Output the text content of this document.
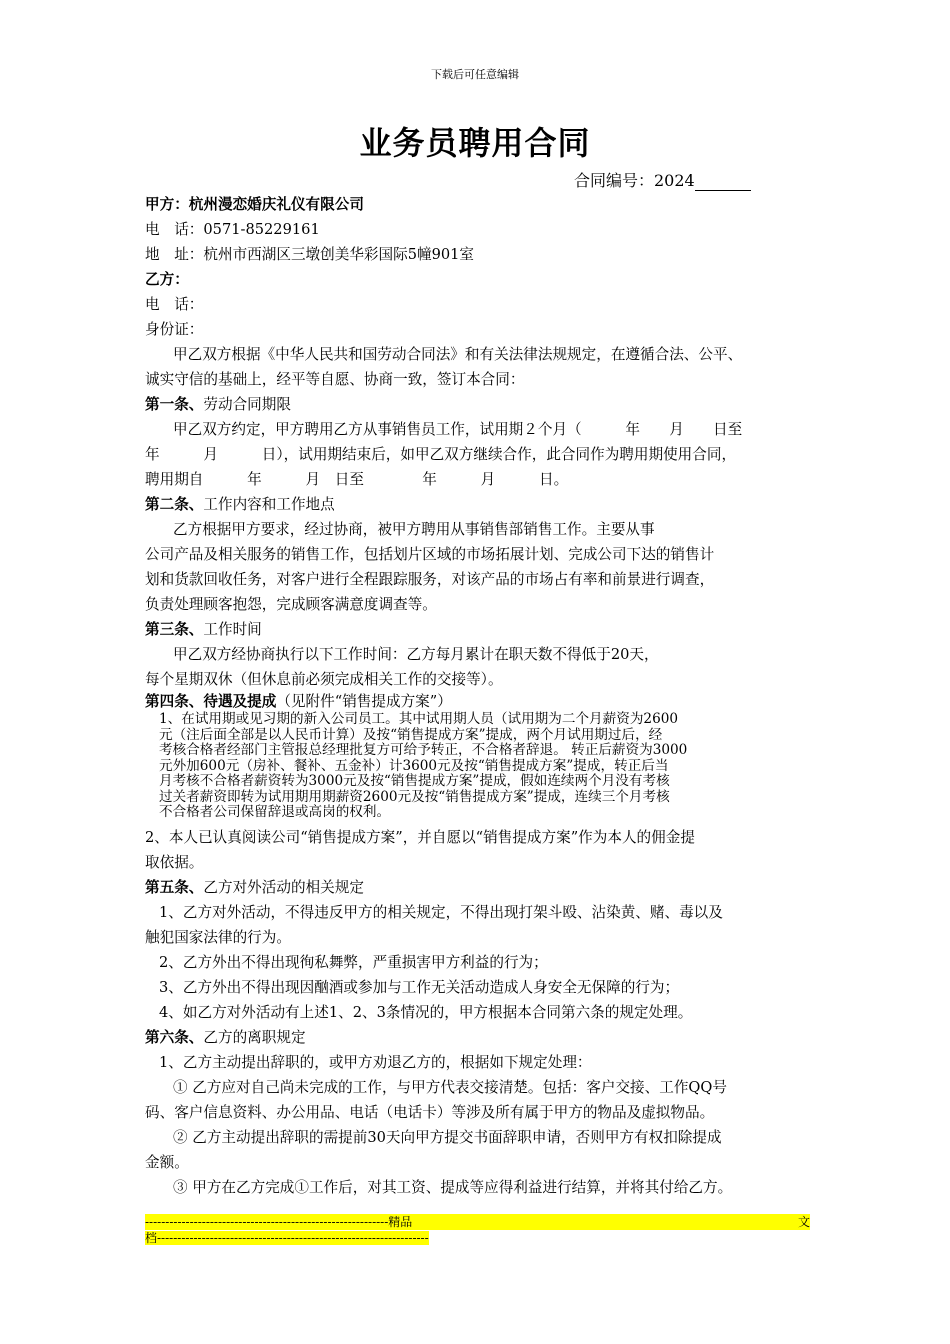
下载后可任意编辑
业务员聘用合同
合同编号：2024
甲方：杭州漫恋婚庆礼仪有限公司
电　话：0571-85229161
地　址：杭州市西湖区三墩创美华彩国际5幢901室
乙方：
电　话：
身份证：
甲乙双方根据《中华人民共和国劳动合同法》和有关法律法规规定，在遵循合法、公平、
诚实守信的基础上，经平等自愿、协商一致，签订本合同：
第一条、劳动合同期限
甲乙双方约定，甲方聘用乙方从事销售员工作，试用期２个月（　　　年　　月　　日至
年　　　月　　　日），试用期结束后，如甲乙双方继续合作，此合同作为聘用期使用合同，
聘用期自　　　年　　　月　日至　　　　年　　　月　　　日。
第二条、工作内容和工作地点
乙方根据甲方要求，经过协商，被甲方聘用从事销售部销售工作。主要从事
公司产品及相关服务的销售工作，包括划片区域的市场拓展计划、完成公司下达的销售计
划和货款回收任务，对客户进行全程跟踪服务，对该产品的市场占有率和前景进行调查，
负责处理顾客抱怨，完成顾客满意度调查等。
第三条、工作时间
甲乙双方经协商执行以下工作时间：乙方每月累计在职天数不得低于20天，
每个星期双休（但休息前必须完成相关工作的交接等）。
第四条、待遇及提成（见附件“销售提成方案”）
1、在试用期或见习期的新入公司员工。其中试用期人员（试用期为二个月薪资为2600
元（注后面全部是以人民币计算）及按“销售提成方案”提成，两个月试用期过后，经
考核合格者经部门主管报总经理批复方可给予转正，不合格者辞退。 转正后薪资为3000
元外加600元（房补、餐补、五金补）计3600元及按“销售提成方案”提成，转正后当
月考核不合格者薪资转为3000元及按“销售提成方案”提成，假如连续两个月没有考核
过关者薪资即转为试用期用期薪资2600元及按“销售提成方案”提成，连续三个月考核
不合格者公司保留辞退或高岗的权利。
2、本人已认真阅读公司“销售提成方案”，并自愿以“销售提成方案”作为本人的佣金提
取依据。
第五条、乙方对外活动的相关规定
1、乙方对外活动，不得违反甲方的相关规定，不得出现打架斗殴、沾染黄、赌、毒以及
触犯国家法律的行为。
2、乙方外出不得出现徇私舞弊，严重损害甲方利益的行为；
3、乙方外出不得出现因酗酒或参加与工作无关活动造成人身安全无保障的行为；
4、如乙方对外活动有上述1、2、3条情况的，甲方根据本合同第六条的规定处理。
第六条、乙方的离职规定
1、乙方主动提出辞职的，或甲方劝退乙方的，根据如下规定处理：
① 乙方应对自己尚未完成的工作，与甲方代表交接清楚。包括：客户交接、工作QQ号
码、客户信息资料、办公用品、电话（电话卡）等涉及所有属于甲方的物品及虚拟物品。
② 乙方主动提出辞职的需提前30天向甲方提交书面辞职申请，否则甲方有权扣除提成
金额。
③ 甲方在乙方完成①工作后，对其工资、提成等应得利益进行结算，并将其付给乙方。
------------------------------------------------------------ 精 品	文
档-------------------------------------------------------------------
